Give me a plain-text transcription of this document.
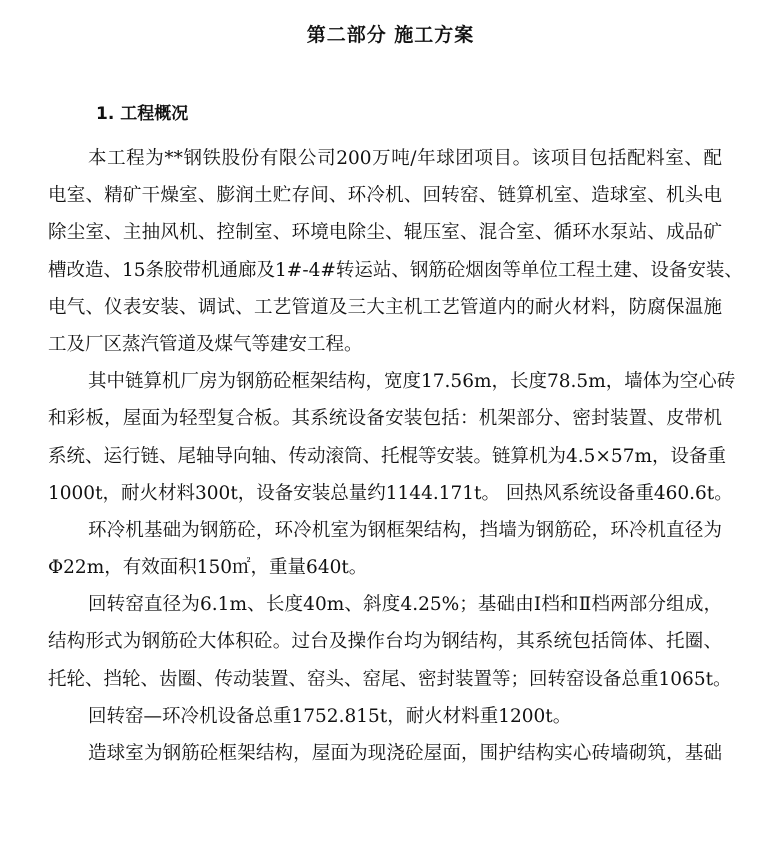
第二部分 施工方案
1. 工程概况
本工程为**钢铁股份有限公司200万吨/年球团项目。该项目包括配料室、配
电室、精矿干燥室、膨润土贮存间、环冷机、回转窑、链算机室、造球室、机头电
除尘室、主抽风机、控制室、环境电除尘、辊压室、混合室、循环水泵站、成品矿
槽改造、15条胶带机通廊及1#-4#转运站、钢筋砼烟囱等单位工程土建、设备安装、
电气、仪表安装、调试、工艺管道及三大主机工艺管道内的耐火材料，防腐保温施
工及厂区蒸汽管道及煤气等建安工程。
其中链算机厂房为钢筋砼框架结构，宽度17.56m，长度78.5m，墙体为空心砖
和彩板，屋面为轻型复合板。其系统设备安装包括：机架部分、密封装置、皮带机
系统、运行链、尾轴导向轴、传动滚筒、托棍等安装。链算机为4.5×57m，设备重
1000t，耐火材料300t，设备安装总量约1144.171t。 回热风系统设备重460.6t。
环冷机基础为钢筋砼，环冷机室为钢框架结构，挡墙为钢筋砼，环冷机直径为
Φ22m，有效面积150㎡，重量640t。
回转窑直径为6.1m、长度40m、斜度4.25%；基础由Ⅰ档和Ⅱ档两部分组成，
结构形式为钢筋砼大体积砼。过台及操作台均为钢结构，其系统包括筒体、托圈、
托轮、挡轮、齿圈、传动装置、窑头、窑尾、密封装置等；回转窑设备总重1065t。
回转窑—环冷机设备总重1752.815t，耐火材料重1200t。
造球室为钢筋砼框架结构，屋面为现浇砼屋面，围护结构实心砖墙砌筑，基础
